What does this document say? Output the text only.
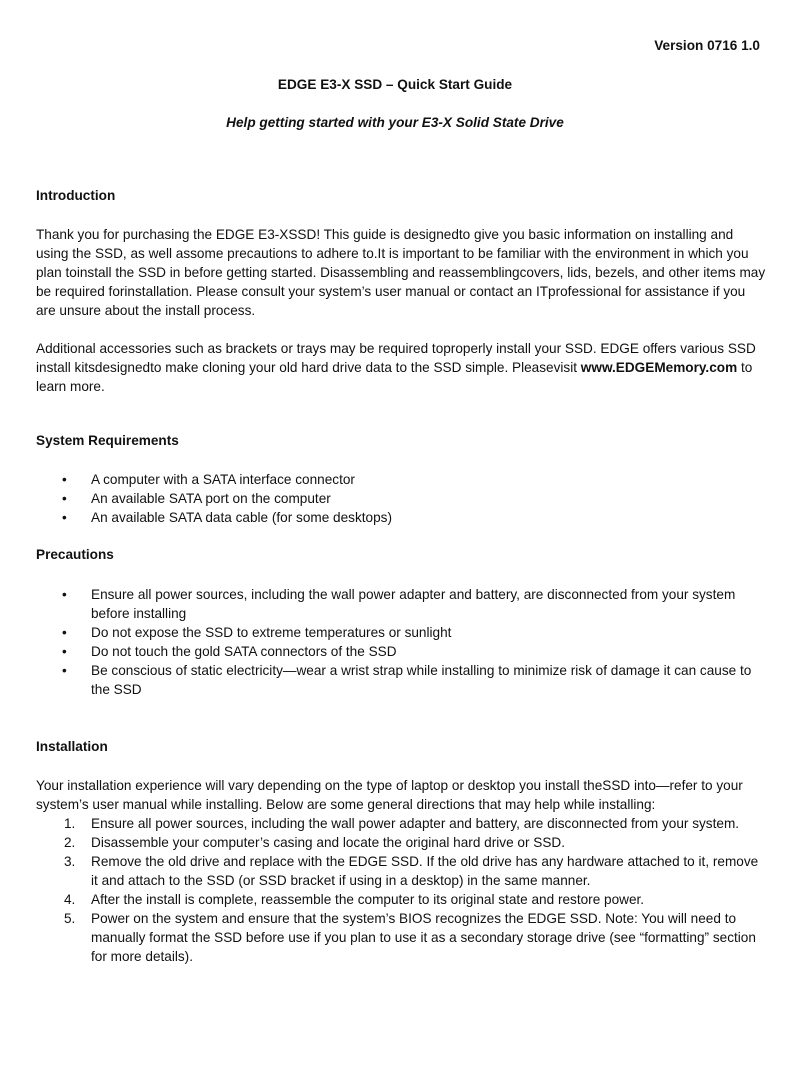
Version 0716 1.0
EDGE E3-X SSD – Quick Start Guide
Help getting started with your E3-X Solid State Drive
Introduction

Thank you for purchasing the EDGE E3-XSSD! This guide is designedto give you basic information on installing and using the SSD, as well assome precautions to adhere to.It is important to be familiar with the environment in which you plan toinstall the SSD in before getting started. Disassembling and reassemblingcovers, lids, bezels, and other items may be required forinstallation. Please consult your system’s user manual or contact an ITprofessional for assistance if you are unsure about the install process.

Additional accessories such as brackets or trays may be required toproperly install your SSD. EDGE offers various SSD install kitsdesignedto make cloning your old hard drive data to the SSD simple. Pleasevisit www.EDGEMemory.com to learn more.

System Requirements
• A computer with a SATA interface connector
• An available SATA port on the computer
• An available SATA data cable (for some desktops)
Precautions
• Ensure all power sources, including the wall power adapter and battery, are disconnected from your system before installing
• Do not expose the SSD to extreme temperatures or sunlight
• Do not touch the gold SATA connectors of the SSD
• Be conscious of static electricity—wear a wrist strap while installing to minimize risk of damage it can cause to the SSD
Installation

Your installation experience will vary depending on the type of laptop or desktop you install theSSD into—refer to your system’s user manual while installing. Below are some general directions that may help while installing:

1. Ensure all power sources, including the wall power adapter and battery, are disconnected from your system.
2. Disassemble your computer’s casing and locate the original hard drive or SSD.
3. Remove the old drive and replace with the EDGE SSD. If the old drive has any hardware attached to it, remove it and attach to the SSD (or SSD bracket if using in a desktop) in the same manner.
4. After the install is complete, reassemble the computer to its original state and restore power.
5. Power on the system and ensure that the system’s BIOS recognizes the EDGE SSD. Note: You will need to manually format the SSD before use if you plan to use it as a secondary storage drive (see “formatting” section for more details).
